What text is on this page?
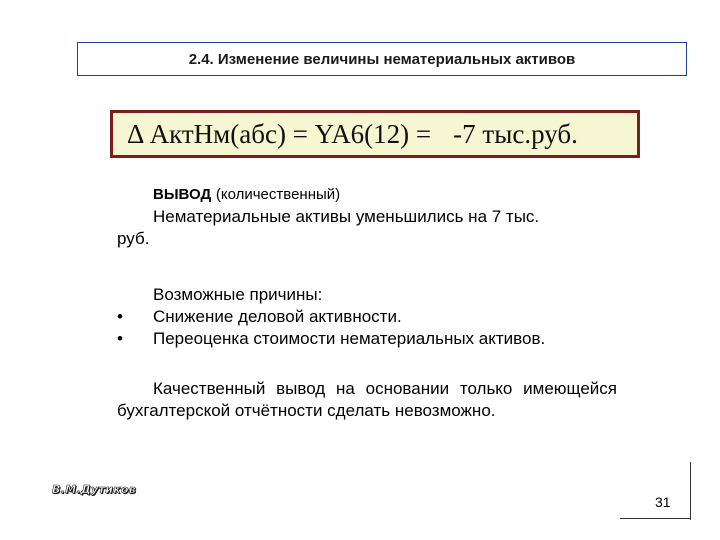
2.4. Изменение величины нематериальных активов
Δ АктНм(абс) = YA6(12) = -7 тыс.руб.
ВЫВОД (количественный)
Нематериальные активы уменьшились на 7 тыс.
руб.
Возможные причины:
•	Снижение деловой активности.
•	Переоценка стоимости нематериальных активов.
Качественный вывод на основании только имеющейся бухгалтерской отчётности сделать невозможно.
В.М.Дутиков
31
